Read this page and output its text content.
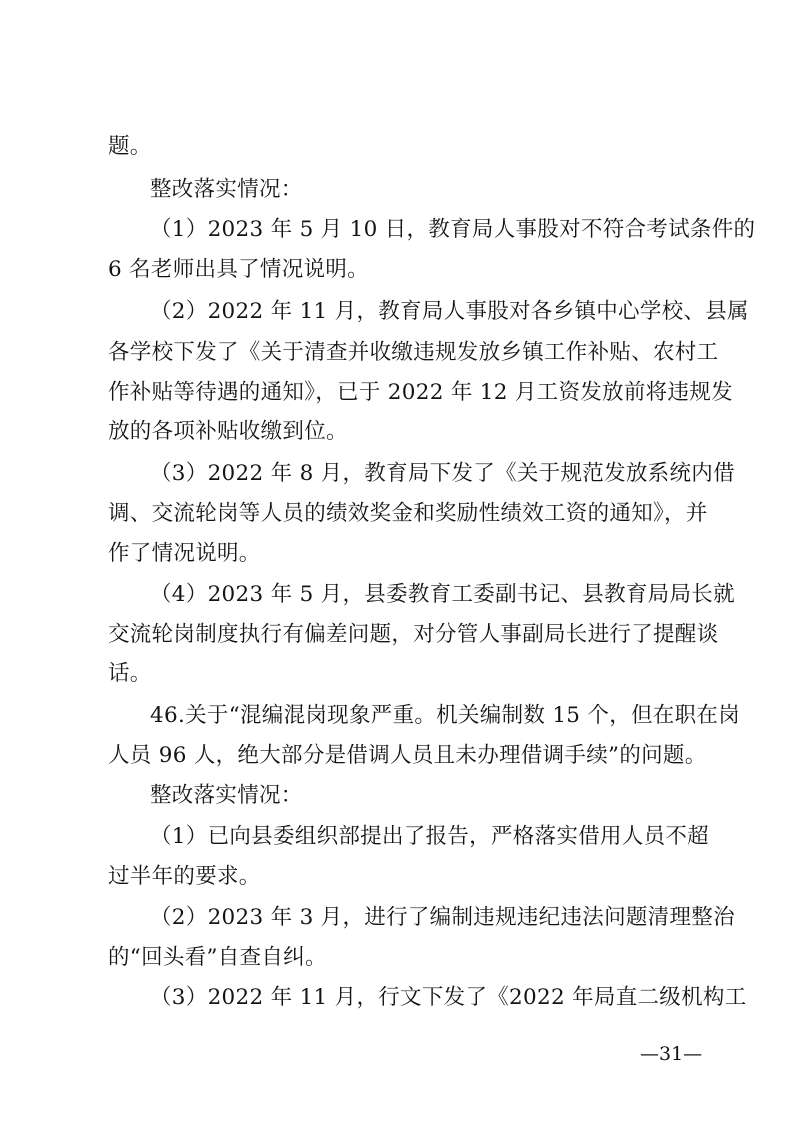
题。
整改落实情况：
（1）2023 年 5 月 10 日，教育局人事股对不符合考试条件的
6 名老师出具了情况说明。
（2）2022 年 11 月，教育局人事股对各乡镇中心学校、县属
各学校下发了《关于清查并收缴违规发放乡镇工作补贴、农村工
作补贴等待遇的通知》，已于 2022 年 12 月工资发放前将违规发
放的各项补贴收缴到位。
（3）2022 年 8 月，教育局下发了《关于规范发放系统内借
调、交流轮岗等人员的绩效奖金和奖励性绩效工资的通知》，并
作了情况说明。
（4）2023 年 5 月，县委教育工委副书记、县教育局局长就
交流轮岗制度执行有偏差问题，对分管人事副局长进行了提醒谈
话。
46.关于“混编混岗现象严重。机关编制数 15 个，但在职在岗
人员 96 人，绝大部分是借调人员且未办理借调手续”的问题。
整改落实情况：
（1）已向县委组织部提出了报告，严格落实借用人员不超
过半年的要求。
（2）2023 年 3 月，进行了编制违规违纪违法问题清理整治
的“回头看”自查自纠。
（3）2022 年 11 月，行文下发了《2022 年局直二级机构工
—31—
